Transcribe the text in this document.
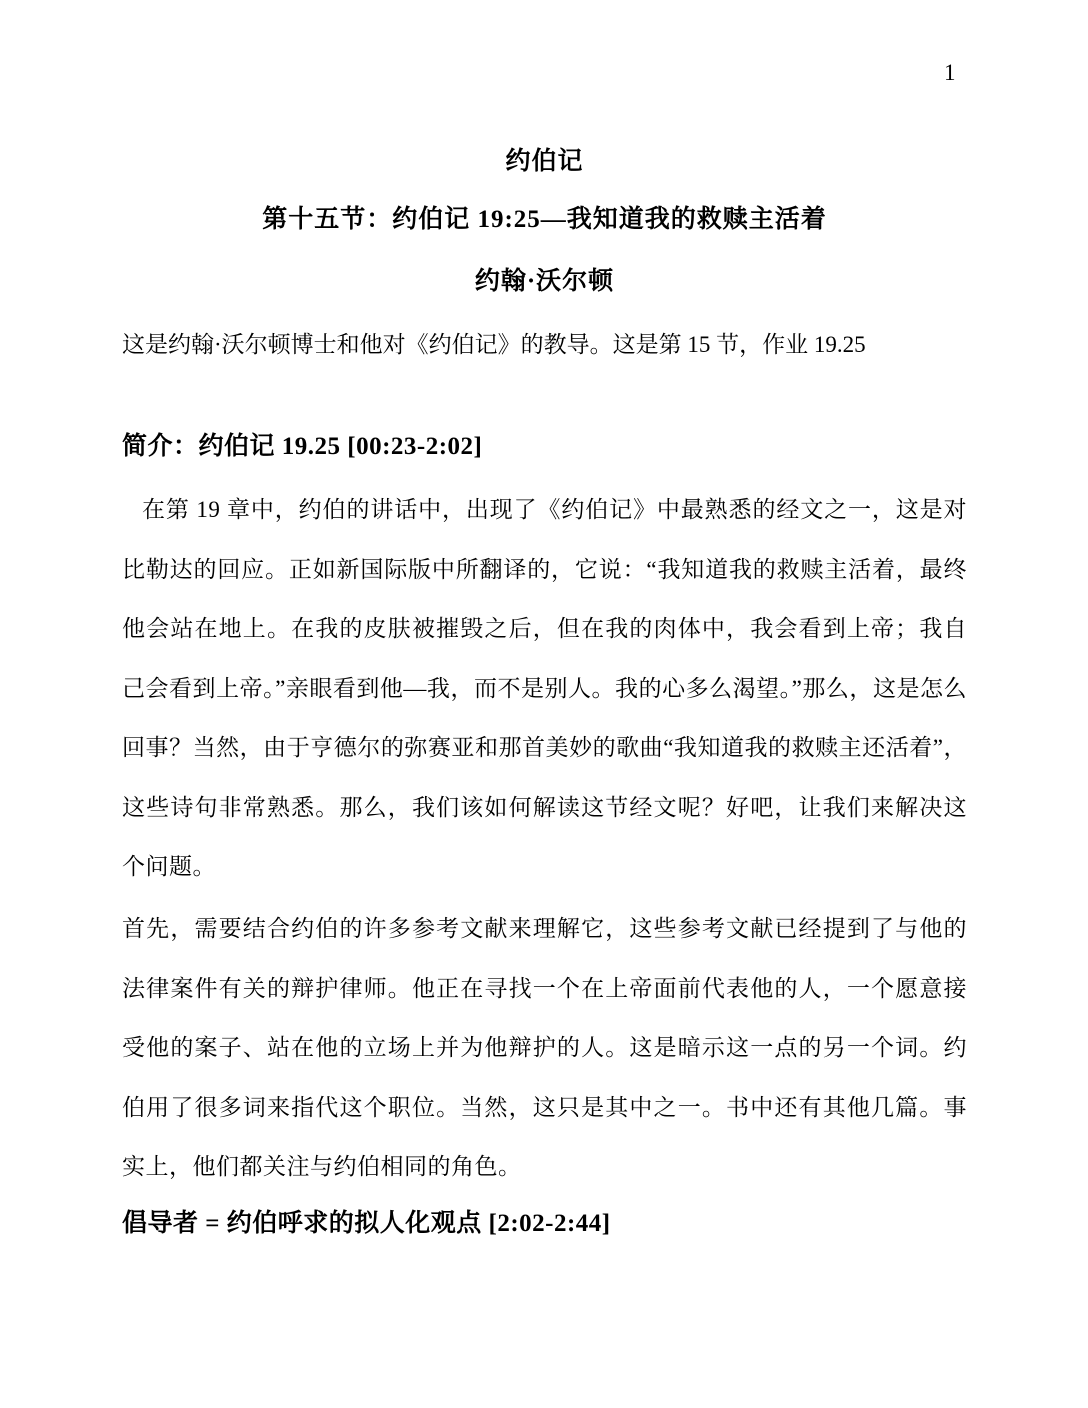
1
约伯记
第十五节：约伯记 19:25—我知道我的救赎主活着
约翰·沃尔顿
这是约翰·沃尔顿博士和他对《约伯记》的教导。这是第 15 节，作业 19.25
简介：约伯记 19.25 [00:23-2:02]
在第 19 章中，约伯的讲话中，出现了《约伯记》中最熟悉的经文之一，这是对比勒达的回应。正如新国际版中所翻译的，它说：“我知道我的救赎主活着，最终他会站在地上。在我的皮肤被摧毁之后，但在我的肉体中，我会看到上帝；我自己会看到上帝。”亲眼看到他—我，而不是别人。我的心多么渴望。”那么，这是怎么回事？当然，由于亨德尔的弥赛亚和那首美妙的歌曲“我知道我的救赎主还活着”，这些诗句非常熟悉。那么，我们该如何解读这节经文呢？好吧，让我们来解决这个问题。
首先，需要结合约伯的许多参考文献来理解它，这些参考文献已经提到了与他的法律案件有关的辩护律师。他正在寻找一个在上帝面前代表他的人，一个愿意接受他的案子、站在他的立场上并为他辩护的人。这是暗示这一点的另一个词。约伯用了很多词来指代这个职位。当然，这只是其中之一。书中还有其他几篇。事实上，他们都关注与约伯相同的角色。
倡导者 = 约伯呼求的拟人化观点 [2:02-2:44]
